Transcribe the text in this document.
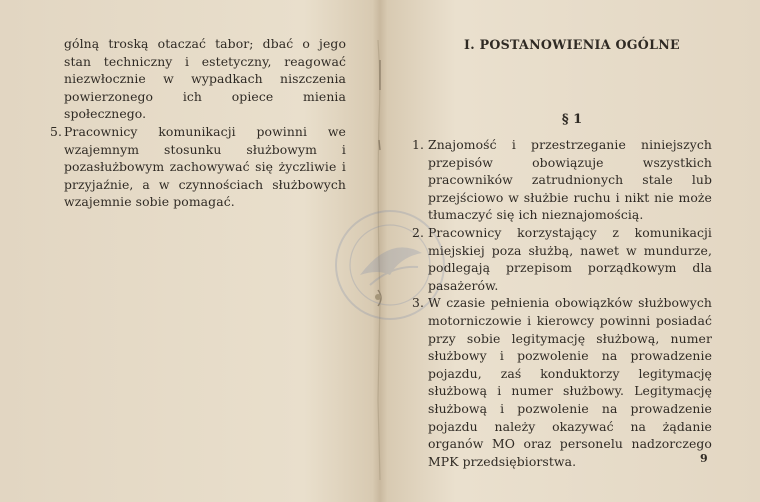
gólną troską otaczać tabor; dbać o jego stan techniczny i estetyczny, reagować niezwłocznie w wypadkach niszczenia powierzonego ich opiece mienia społecznego.

5. Pracownicy komunikacji powinni we wzajemnym stosunku służbowym i pozasłużbowym zachowywać się życzliwie i przyjaźnie, a w czynnościach służbowych wzajemnie sobie pomagać.
I. POSTANOWIENIA OGÓLNE
§ 1
1. Znajomość i przestrzeganie niniejszych przepisów obowiązuje wszystkich pracowników zatrudnionych stale lub przejściowo w służbie ruchu i nikt nie może tłumaczyć się ich nieznajomością.
2. Pracownicy korzystający z komunikacji miejskiej poza służbą, nawet w mundurze, podlegają przepisom porządkowym dla pasażerów.
3. W czasie pełnienia obowiązków służbowych motorniczowie i kierowcy powinni posiadać przy sobie legitymację służbową, numer służbowy i pozwolenie na prowadzenie pojazdu, zaś konduktorzy legitymację służbową i numer służbowy. Legitymację służbową i pozwolenie na prowadzenie pojazdu należy okazywać na żądanie organów MO oraz personelu nadzorczego MPK przedsiębiorstwa.	9
